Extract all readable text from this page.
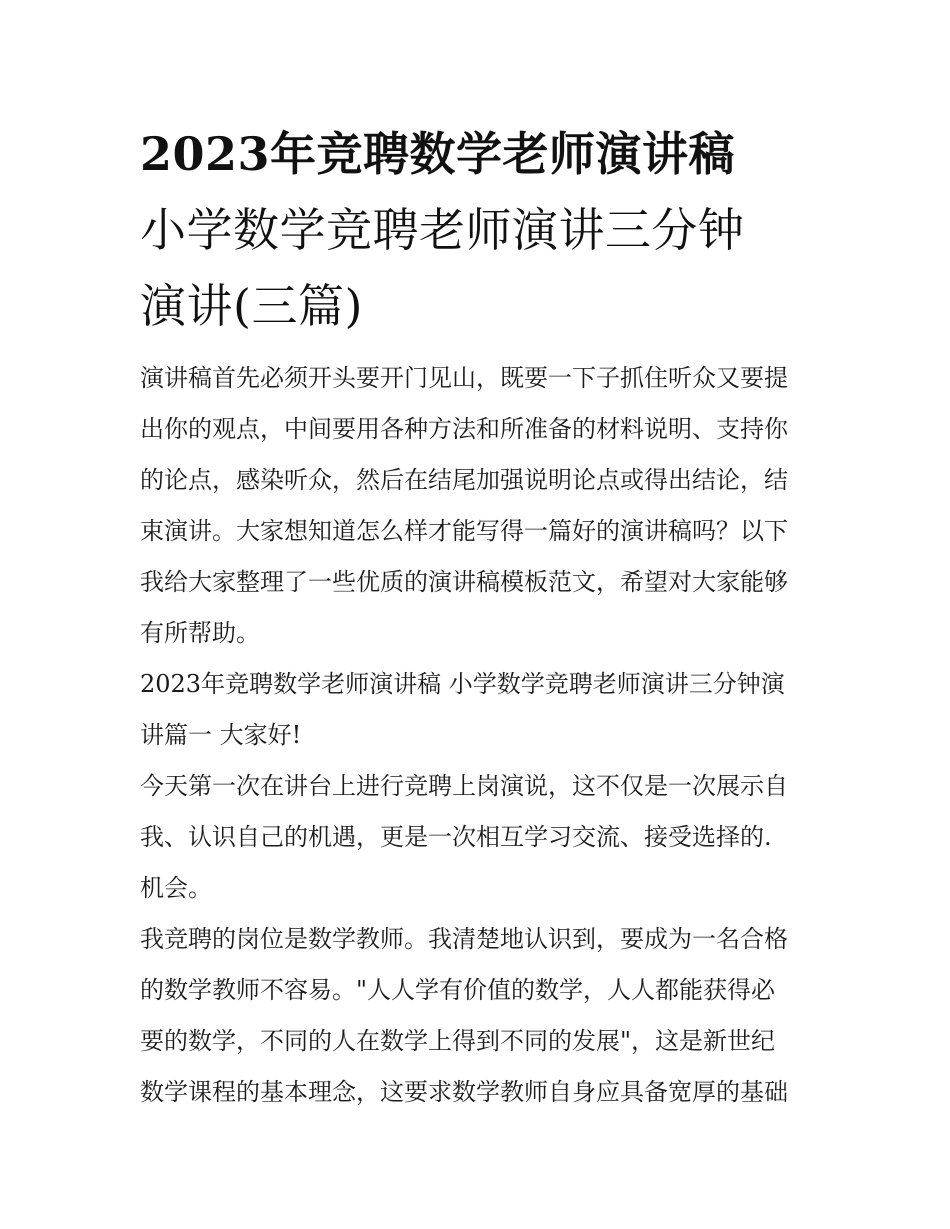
2023年竞聘数学老师演讲稿
小学数学竞聘老师演讲三分钟
演讲(三篇)
演讲稿首先必须开头要开门见山，既要一下子抓住听众又要提
出你的观点，中间要用各种方法和所准备的材料说明、支持你
的论点，感染听众，然后在结尾加强说明论点或得出结论，结
束演讲。大家想知道怎么样才能写得一篇好的演讲稿吗？以下
我给大家整理了一些优质的演讲稿模板范文，希望对大家能够
有所帮助。
2023年竞聘数学老师演讲稿 小学数学竞聘老师演讲三分钟演
讲篇一 大家好!
今天第一次在讲台上进行竞聘上岗演说，这不仅是一次展示自
我、认识自己的机遇，更是一次相互学习交流、接受选择的.
机会。
我竞聘的岗位是数学教师。我清楚地认识到，要成为一名合格
的数学教师不容易。"人人学有价值的数学，人人都能获得必
要的数学，不同的人在数学上得到不同的发展"，这是新世纪
数学课程的基本理念，这要求数学教师自身应具备宽厚的基础
